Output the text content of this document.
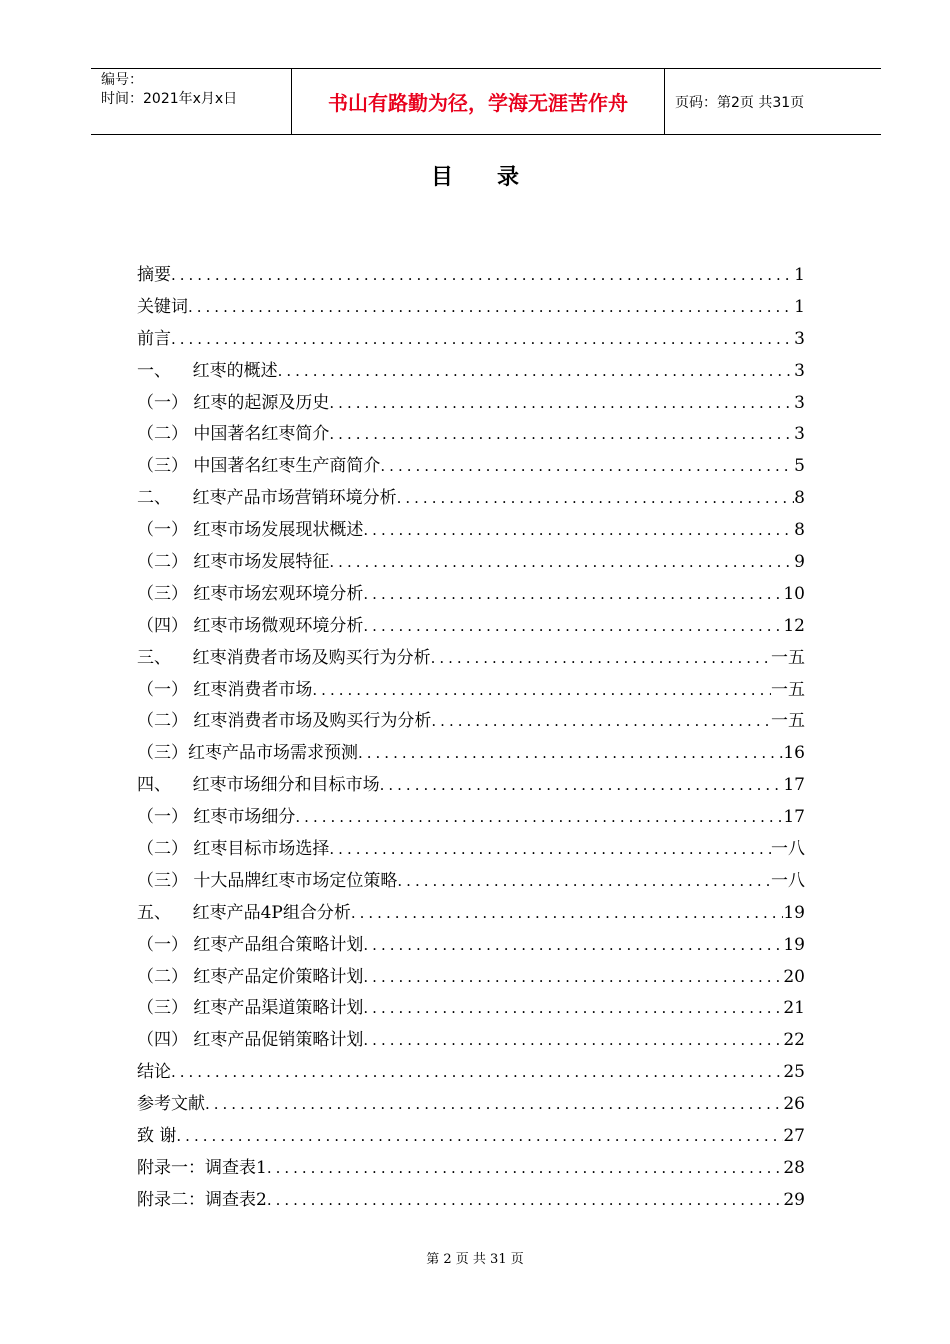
编号：
时间：2021年x月x日	书山有路勤为径，学海无涯苦作舟	页码：第2页 共31页
目录
摘要 .....	1
关键词 .....	1
前言 .....	3
一、    红枣的概述 .....	3
（一） 红枣的起源及历史 .....	3
（二） 中国著名红枣简介 .....	3
（三） 中国著名红枣生产商简介 .....	5
二、    红枣产品市场营销环境分析 .....	8
（一） 红枣市场发展现状概述 .....	8
（二） 红枣市场发展特征 .....	9
（三） 红枣市场宏观环境分析 .....	10
（四） 红枣市场微观环境分析 .....	12
三、    红枣消费者市场及购买行为分析 .....	一五
（一） 红枣消费者市场 .....	一五
（二） 红枣消费者市场及购买行为分析 .....	一五
（三）红枣产品市场需求预测 .....	16
四、    红枣市场细分和目标市场 .....	17
（一） 红枣市场细分 .....	17
（二） 红枣目标市场选择 .....	一八
（三） 十大品牌红枣市场定位策略 .....	一八
五、    红枣产品4P组合分析 .....	19
（一） 红枣产品组合策略计划 .....	19
（二） 红枣产品定价策略计划 .....	20
（三） 红枣产品渠道策略计划 .....	21
（四） 红枣产品促销策略计划 .....	22
结论 .....	25
参考文献 .....	26
致 谢 .....	27
附录一：调查表1 .....	28
附录二：调查表2 .....	29
第 2 页 共 31 页
